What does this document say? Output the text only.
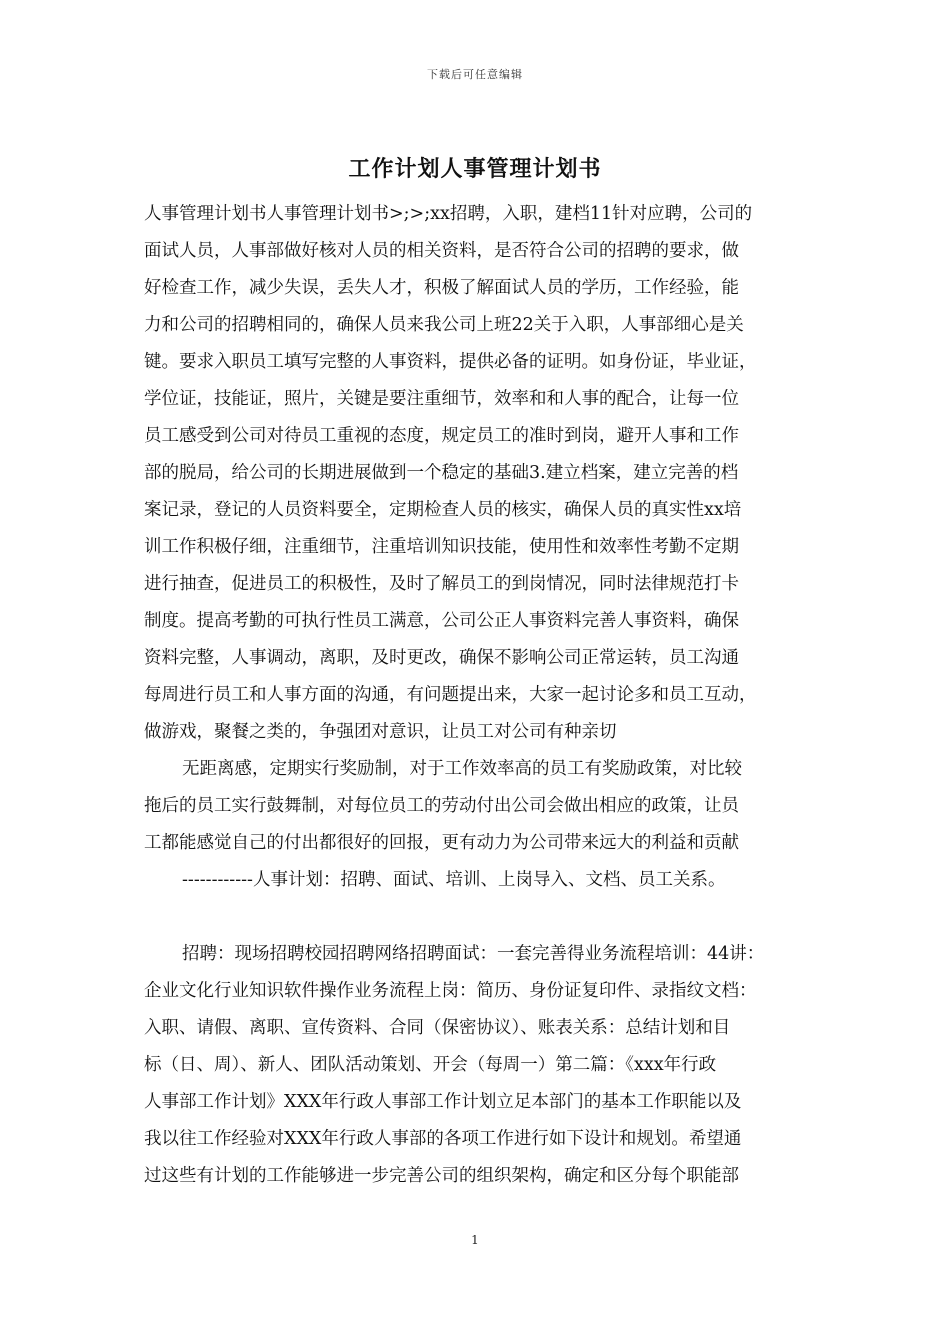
下载后可任意编辑
工作计划人事管理计划书
人事管理计划书人事管理计划书>;>;xx招聘，入职，建档11针对应聘，公司的
面试人员，人事部做好核对人员的相关资料，是否符合公司的招聘的要求，做
好检查工作，减少失误，丢失人才，积极了解面试人员的学历，工作经验，能
力和公司的招聘相同的，确保人员来我公司上班22关于入职，人事部细心是关
键。要求入职员工填写完整的人事资料，提供必备的证明。如身份证，毕业证，
学位证，技能证，照片，关键是要注重细节，效率和和人事的配合，让每一位
员工感受到公司对待员工重视的态度，规定员工的准时到岗，避开人事和工作
部的脱局，给公司的长期进展做到一个稳定的基础3.建立档案，建立完善的档
案记录，登记的人员资料要全，定期检查人员的核实，确保人员的真实性xx培
训工作积极仔细，注重细节，注重培训知识技能，使用性和效率性考勤不定期
进行抽查，促进员工的积极性，及时了解员工的到岗情况，同时法律规范打卡
制度。提高考勤的可执行性员工满意，公司公正人事资料完善人事资料，确保
资料完整，人事调动，离职，及时更改，确保不影响公司正常运转，员工沟通
每周进行员工和人事方面的沟通，有问题提出来，大家一起讨论多和员工互动，
做游戏，聚餐之类的，争强团对意识，让员工对公司有种亲切
无距离感，定期实行奖励制，对于工作效率高的员工有奖励政策，对比较
拖后的员工实行鼓舞制，对每位员工的劳动付出公司会做出相应的政策，让员
工都能感觉自己的付出都很好的回报，更有动力为公司带来远大的利益和贡献
------------人事计划：招聘、面试、培训、上岗导入、文档、员工关系。
招聘：现场招聘校园招聘网络招聘面试：一套完善得业务流程培训：44讲：
企业文化行业知识软件操作业务流程上岗：简历、身份证复印件、录指纹文档：
入职、请假、离职、宣传资料、合同（保密协议）、账表关系：总结计划和目
标（日、周）、新人、团队活动策划、开会（每周一）第二篇：《xxx年行政
人事部工作计划》XXX年行政人事部工作计划立足本部门的基本工作职能以及
我以往工作经验对XXX年行政人事部的各项工作进行如下设计和规划。希望通
过这些有计划的工作能够进一步完善公司的组织架构，确定和区分每个职能部
1
